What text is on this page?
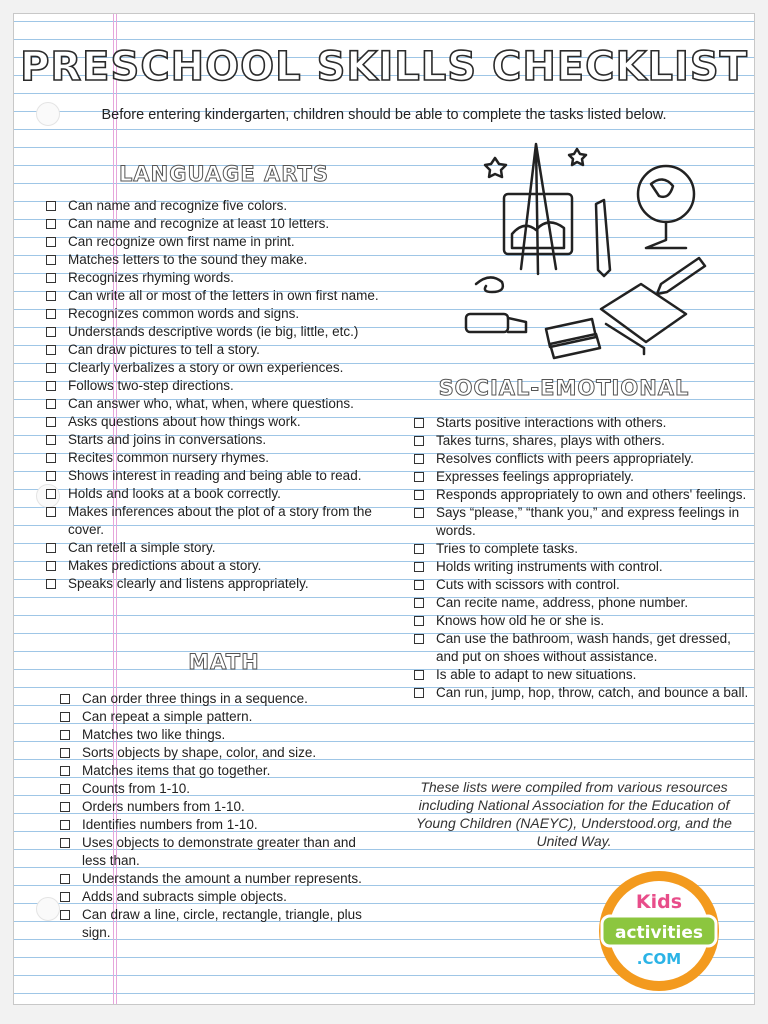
PRESCHOOL SKILLS CHECKLIST
Before entering kindergarten, children should be able to complete the tasks listed below.
LANGUAGE ARTS
Can name and recognize five colors.
Can name and recognize at least 10 letters.
Can recognize own first name in print.
Matches letters to the sound they make.
Recognizes rhyming words.
Can write all or most of the letters in own first name.
Recognizes common words and signs.
Understands descriptive words (ie big, little, etc.)
Can draw pictures to tell a story.
Clearly verbalizes a story or own experiences.
Follows two-step directions.
Can answer who, what, when, where questions.
Asks questions about how things work.
Starts and joins in conversations.
Recites common nursery rhymes.
Shows interest in reading and being able to read.
Holds and looks at a book correctly.
Makes inferences about the plot of a story from the cover.
Can retell a simple story.
Makes predictions about a story.
Speaks clearly and listens appropriately.
MATH
Can order three things in a sequence.
Can repeat a simple pattern.
Matches two like things.
Sorts objects by shape, color, and size.
Matches items that go together.
Counts from 1-10.
Orders numbers from 1-10.
Identifies numbers from 1-10.
Uses objects to demonstrate greater than and less than.
Understands the amount a number represents.
Adds and subracts simple objects.
Can draw a line, circle, rectangle, triangle, plus sign.
SOCIAL-EMOTIONAL
Starts positive interactions with others.
Takes turns, shares, plays with others.
Resolves conflicts with peers appropriately.
Expresses feelings appropriately.
Responds appropriately to own and others' feelings.
Says “please,” “thank you,” and express feelings in words.
Tries to complete tasks.
Holds writing instruments with control.
Cuts with scissors with control.
Can recite name, address, phone number.
Knows how old he or she is.
Can use the bathroom, wash hands, get dressed, and put on shoes without assistance.
Is able to adapt to new situations.
Can run, jump, hop, throw, catch, and bounce a ball.
These lists were compiled from various resources including National Association for the Education of Young Children (NAEYC), Understood.org, and the United Way.
Kids
activities
.COM
